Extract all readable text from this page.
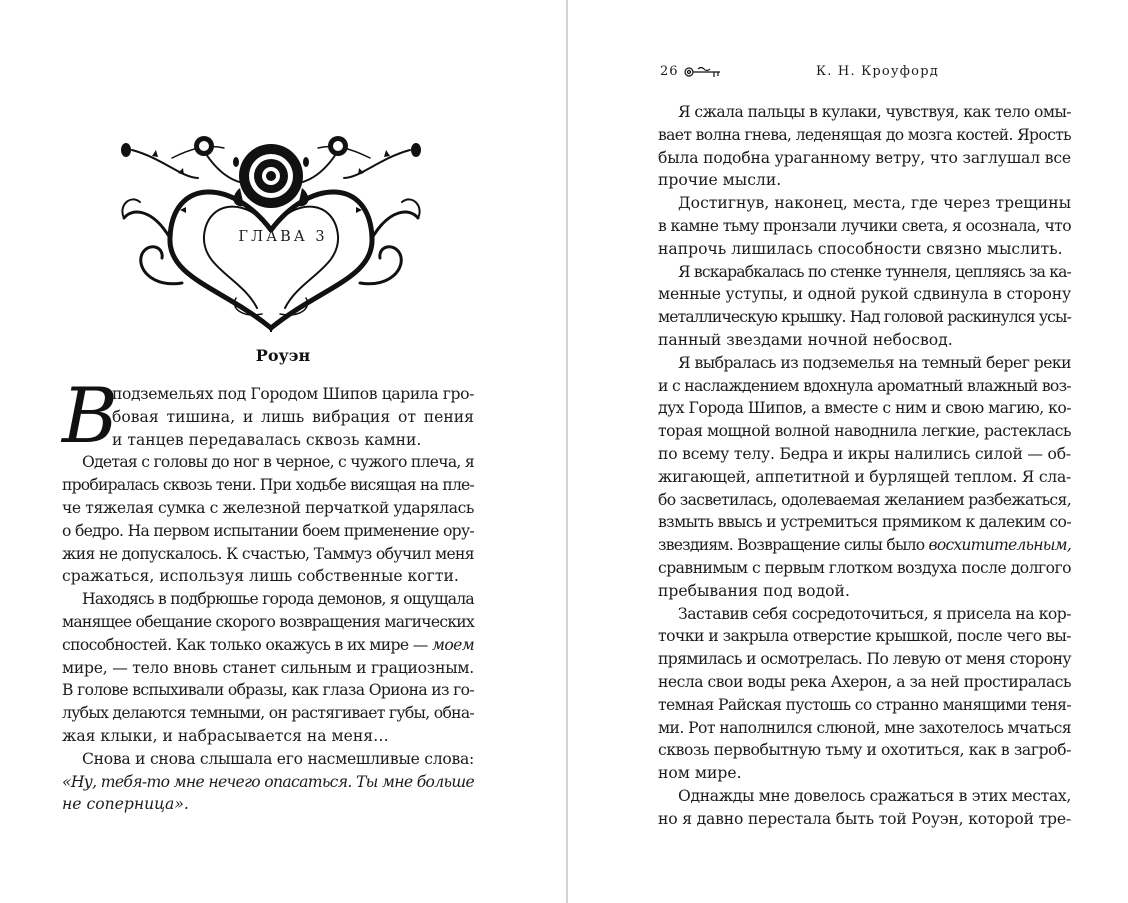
ГЛАВА 3
Роуэн
В
подземельях под Городом Шипов царила гро-
бовая тишина, и лишь вибрация от пения
и танцев передавалась сквозь камни.
Одетая с головы до ног в черное, с чужого плеча, я
пробиралась сквозь тени. При ходьбе висящая на пле-
че тяжелая сумка с железной перчаткой ударялась
о бедро. На первом испытании боем применение ору-
жия не допускалось. К счастью, Таммуз обучил меня
сражаться, используя лишь собственные когти.
Находясь в подбрюшье города демонов, я ощущала
манящее обещание скорого возвращения магических
способностей. Как только окажусь в их мире — моем
мире, — тело вновь станет сильным и грациозным.
В голове вспыхивали образы, как глаза Ориона из го-
лубых делаются темными, он растягивает губы, обна-
жая клыки, и набрасывается на меня…
Снова и снова слышала его насмешливые слова:
«Ну, тебя-то мне нечего опасаться. Ты мне больше
не соперница».
26	К. Н. Кроуфорд
Я сжала пальцы в кулаки, чувствуя, как тело омы-
вает волна гнева, леденящая до мозга костей. Ярость
была подобна ураганному ветру, что заглушал все
прочие мысли.
Достигнув, наконец, места, где через трещины
в камне тьму пронзали лучики света, я осознала, что
напрочь лишилась способности связно мыслить.
Я вскарабкалась по стенке туннеля, цепляясь за ка-
менные уступы, и одной рукой сдвинула в сторону
металлическую крышку. Над головой раскинулся усы-
панный звездами ночной небосвод.
Я выбралась из подземелья на темный берег реки
и с наслаждением вдохнула ароматный влажный воз-
дух Города Шипов, а вместе с ним и свою магию, ко-
торая мощной волной наводнила легкие, растеклась
по всему телу. Бедра и икры налились силой — об-
жигающей, аппетитной и бурлящей теплом. Я сла-
бо засветилась, одолеваемая желанием разбежаться,
взмыть ввысь и устремиться прямиком к далеким со-
звездиям. Возвращение силы было восхитительным,
сравнимым с первым глотком воздуха после долгого
пребывания под водой.
Заставив себя сосредоточиться, я присела на кор-
точки и закрыла отверстие крышкой, после чего вы-
прямилась и осмотрелась. По левую от меня сторону
несла свои воды река Ахерон, а за ней простиралась
темная Райская пустошь со странно манящими теня-
ми. Рот наполнился слюной, мне захотелось мчаться
сквозь первобытную тьму и охотиться, как в загроб-
ном мире.
Однажды мне довелось сражаться в этих местах,
но я давно перестала быть той Роуэн, которой тре-
